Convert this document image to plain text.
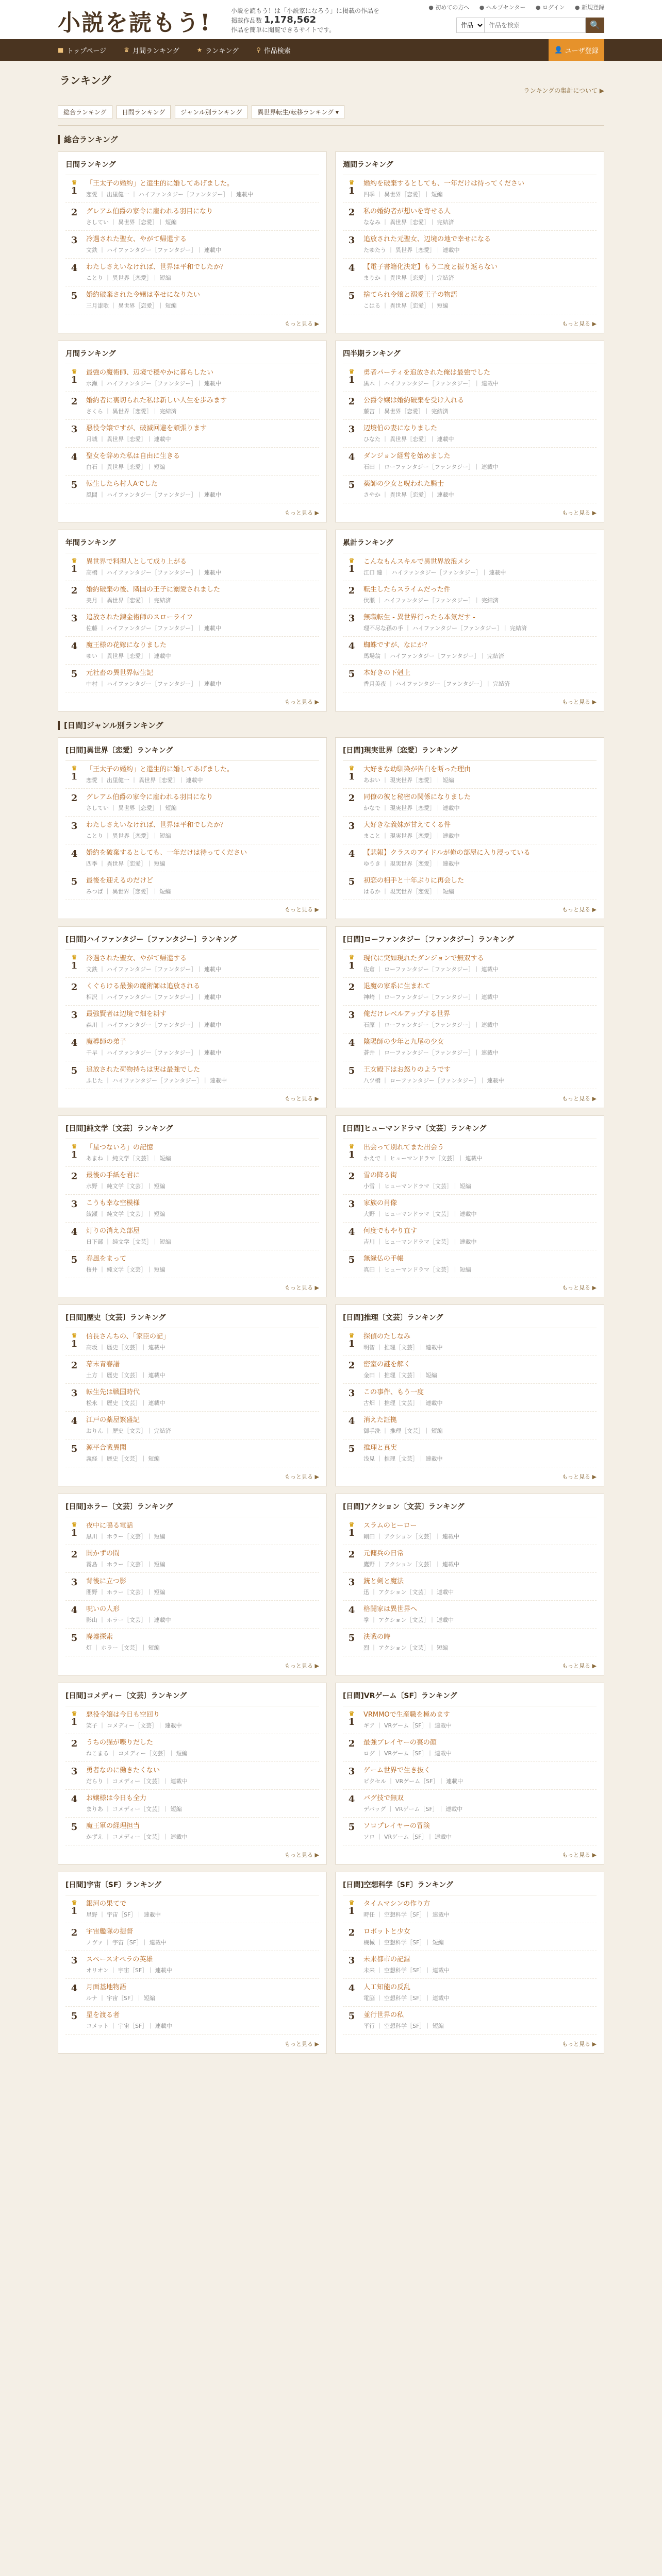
小説を読もう!	小説を読もう！は「小説家になろう」に掲載の作品を
掲載作品数 1,178,562
作品を簡単に閲覧できるサイトです。
● 初めての方へ ● ヘルプセンター ● ログイン ● 新規登録
作品
作品を検索
🔍
■ トップページ	♛ 月間ランキング	★ ランキング	⚲ 作品検索	👤 ユーザ登録
ランキング
ランキングの集計について ▶
総合ランキング	日間ランキング	ジャンル別ランキング	異世界転生/転移ランキング ▾
総合ランキング
日間ランキング
♛
1
「王太子の婚約」と還生的に婚してあげました。
恋愛 ｜ 出里健一 ｜ ハイファンタジー［ファンタジー］｜ 連載中
2	グレアム伯爵の家令に雇われる羽目になり
さしてい ｜ 異世界［恋愛］｜ 短編
3	冷遇された聖女、やがて帰還する
文鉄 ｜ ハイファンタジー［ファンタジー］｜ 連載中
4	わたしさえいなければ、世界は平和でしたか？
ことり ｜ 異世界［恋愛］｜ 短編
5	婚約破棄された令嬢は幸せになりたい
三月漆歌 ｜ 異世界［恋愛］｜ 短編
もっと見る ▶
週間ランキング
♛
1
婚約を破棄するとしても、一年だけは待ってください
四季 ｜ 異世界［恋愛］｜ 短編
2	私の婚約者が想いを寄せる人
ななみ ｜ 異世界［恋愛］｜ 完結済
3	追放された元聖女、辺境の地で幸せになる
たゆたう ｜ 異世界［恋愛］｜ 連載中
4	【電子書籍化決定】もう二度と振り返らない
まりか ｜ 異世界［恋愛］｜ 完結済
5	捨てられ令嬢と溺愛王子の物語
こはる ｜ 異世界［恋愛］｜ 短編
もっと見る ▶
月間ランキング
♛
1
最強の魔術師、辺境で穏やかに暮らしたい
水瀬 ｜ ハイファンタジー［ファンタジー］｜ 連載中
2	婚約者に裏切られた私は新しい人生を歩みます
さくら ｜ 異世界［恋愛］｜ 完結済
3	悪役令嬢ですが、破滅回避を頑張ります
月城 ｜ 異世界［恋愛］｜ 連載中
4	聖女を辞めた私は自由に生きる
白石 ｜ 異世界［恋愛］｜ 短編
5	転生したら村人Aでした
風間 ｜ ハイファンタジー［ファンタジー］｜ 連載中
もっと見る ▶
四半期ランキング
♛
1
勇者パーティを追放された俺は最強でした
黒木 ｜ ハイファンタジー［ファンタジー］｜ 連載中
2	公爵令嬢は婚約破棄を受け入れる
藤宮 ｜ 異世界［恋愛］｜ 完結済
3	辺境伯の妻になりました
ひなた ｜ 異世界［恋愛］｜ 連載中
4	ダンジョン経営を始めました
石田 ｜ ローファンタジー［ファンタジー］｜ 連載中
5	薬師の少女と呪われた騎士
さやか ｜ 異世界［恋愛］｜ 連載中
もっと見る ▶
年間ランキング
♛
1
異世界で料理人として成り上がる
高橋 ｜ ハイファンタジー［ファンタジー］｜ 連載中
2	婚約破棄の後、隣国の王子に溺愛されました
美月 ｜ 異世界［恋愛］｜ 完結済
3	追放された錬金術師のスローライフ
佐藤 ｜ ハイファンタジー［ファンタジー］｜ 連載中
4	魔王様の花嫁になりました
ゆい ｜ 異世界［恋愛］｜ 連載中
5	元社畜の異世界転生記
中村 ｜ ハイファンタジー［ファンタジー］｜ 連載中
もっと見る ▶
累計ランキング
♛
1
こんなもんスキルで異世界放浪メシ
江口 連 ｜ ハイファンタジー［ファンタジー］｜ 連載中
2	転生したらスライムだった件
伏瀬 ｜ ハイファンタジー［ファンタジー］｜ 完結済
3	無職転生 - 異世界行ったら本気だす -
理不尽な孫の手 ｜ ハイファンタジー［ファンタジー］｜ 完結済
4	蜘蛛ですが、なにか？
馬場翁 ｜ ハイファンタジー［ファンタジー］｜ 完結済
5	本好きの下剋上
香月美夜 ｜ ハイファンタジー［ファンタジー］｜ 完結済
もっと見る ▶
[日間]ジャンル別ランキング
[日間]異世界〔恋愛〕ランキング
♛
1
「王太子の婚約」と還生的に婚してあげました。
恋愛 ｜ 出里健一 ｜ 異世界［恋愛］｜ 連載中
2	グレアム伯爵の家令に雇われる羽目になり
さしてい ｜ 異世界［恋愛］｜ 短編
3	わたしさえいなければ、世界は平和でしたか？
ことり ｜ 異世界［恋愛］｜ 短編
4	婚約を破棄するとしても、一年だけは待ってください
四季 ｜ 異世界［恋愛］｜ 短編
5	最後を迎えるのだけど
みつば ｜ 異世界［恋愛］｜ 短編
もっと見る ▶
[日間]現実世界〔恋愛〕ランキング
♛
1
大好きな幼馴染が告白を断った理由
あおい ｜ 現実世界［恋愛］｜ 短編
2	同僚の彼と秘密の関係になりました
かなで ｜ 現実世界［恋愛］｜ 連載中
3	大好きな義妹が甘えてくる件
まこと ｜ 現実世界［恋愛］｜ 連載中
4	【悲報】クラスのアイドルが俺の部屋に入り浸っている
ゆうき ｜ 現実世界［恋愛］｜ 連載中
5	初恋の相手と十年ぶりに再会した
はるか ｜ 現実世界［恋愛］｜ 短編
もっと見る ▶
[日間]ハイファンタジー〔ファンタジー〕ランキング
♛
1
冷遇された聖女、やがて帰還する
文鉄 ｜ ハイファンタジー［ファンタジー］｜ 連載中
2	くぐらける最強の魔術師は追放される
相沢 ｜ ハイファンタジー［ファンタジー］｜ 連載中
3	最強賢者は辺境で畑を耕す
森川 ｜ ハイファンタジー［ファンタジー］｜ 連載中
4	魔導師の弟子
千早 ｜ ハイファンタジー［ファンタジー］｜ 連載中
5	追放された荷物持ちは実は最強でした
ふじた ｜ ハイファンタジー［ファンタジー］｜ 連載中
もっと見る ▶
[日間]ローファンタジー〔ファンタジー〕ランキング
♛
1
現代に突如現れたダンジョンで無双する
佐倉 ｜ ローファンタジー［ファンタジー］｜ 連載中
2	退魔の家系に生まれて
神崎 ｜ ローファンタジー［ファンタジー］｜ 連載中
3	俺だけレベルアップする世界
石原 ｜ ローファンタジー［ファンタジー］｜ 連載中
4	陰陽師の少年と九尾の少女
蒼井 ｜ ローファンタジー［ファンタジー］｜ 連載中
5	王女殿下はお怒りのようです
八ツ橋 ｜ ローファンタジー［ファンタジー］｜ 連載中
もっと見る ▶
[日間]純文学〔文芸〕ランキング
♛
1
「星つないろ」の記憶
あまね ｜ 純文学［文芸］｜ 短編
2	最後の手紙を君に
水野 ｜ 純文学［文芸］｜ 短編
3	こうも幸な空模様
綾瀬 ｜ 純文学［文芸］｜ 短編
4	灯りの消えた部屋
日下部 ｜ 純文学［文芸］｜ 短編
5	春風をまって
桜井 ｜ 純文学［文芸］｜ 短編
もっと見る ▶
[日間]ヒューマンドラマ〔文芸〕ランキング
♛
1
出会って別れてまた出会う
かえで ｜ ヒューマンドラマ［文芸］｜ 連載中
2	雪の降る街
小雪 ｜ ヒューマンドラマ［文芸］｜ 短編
3	家族の肖像
大野 ｜ ヒューマンドラマ［文芸］｜ 連載中
4	何度でもやり直す
吉川 ｜ ヒューマンドラマ［文芸］｜ 連載中
5	無縁仏の手帳
真田 ｜ ヒューマンドラマ［文芸］｜ 短編
もっと見る ▶
[日間]歴史〔文芸〕ランキング
♛
1
信長さんちの、「家臣の記」
高坂 ｜ 歴史［文芸］｜ 連載中
2	幕末青春譜
土方 ｜ 歴史［文芸］｜ 連載中
3	転生先は戦国時代
松永 ｜ 歴史［文芸］｜ 連載中
4	江戸の薬屋繁盛記
おりん ｜ 歴史［文芸］｜ 完結済
5	源平合戦異聞
義経 ｜ 歴史［文芸］｜ 短編
もっと見る ▶
[日間]推理〔文芸〕ランキング
♛
1
探偵のたしなみ
明智 ｜ 推理［文芸］｜ 連載中
2	密室の謎を解く
金田 ｜ 推理［文芸］｜ 短編
3	この事件、もう一度
古畑 ｜ 推理［文芸］｜ 連載中
4	消えた証拠
御手洗 ｜ 推理［文芸］｜ 短編
5	推理と真実
浅見 ｜ 推理［文芸］｜ 連載中
もっと見る ▶
[日間]ホラー〔文芸〕ランキング
♛
1
夜中に鳴る電話
黒川 ｜ ホラー［文芸］｜ 短編
2	開かずの間
霧島 ｜ ホラー［文芸］｜ 短編
3	背後に立つ影
闇野 ｜ ホラー［文芸］｜ 短編
4	呪いの人形
影山 ｜ ホラー［文芸］｜ 連載中
5	廃墟探索
灯 ｜ ホラー［文芸］｜ 短編
もっと見る ▶
[日間]アクション〔文芸〕ランキング
♛
1
スラムのヒーロー
剛田 ｜ アクション［文芸］｜ 連載中
2	元傭兵の日常
鷹野 ｜ アクション［文芸］｜ 連載中
3	銃と剣と魔法
迅 ｜ アクション［文芸］｜ 連載中
4	格闘家は異世界へ
拳 ｜ アクション［文芸］｜ 連載中
5	決戦の時
烈 ｜ アクション［文芸］｜ 短編
もっと見る ▶
[日間]コメディー〔文芸〕ランキング
♛
1
悪役令嬢は今日も空回り
笑子 ｜ コメディー［文芸］｜ 連載中
2	うちの猫が喋りだした
ねこまる ｜ コメディー［文芸］｜ 短編
3	勇者なのに働きたくない
だらり ｜ コメディー［文芸］｜ 連載中
4	お嬢様は今日も全力
まりあ ｜ コメディー［文芸］｜ 短編
5	魔王軍の経理担当
かずえ ｜ コメディー［文芸］｜ 連載中
もっと見る ▶
[日間]VRゲーム〔SF〕ランキング
♛
1
VRMMOで生産職を極めます
ギア ｜ VRゲーム［SF］｜ 連載中
2	最強プレイヤーの裏の顔
ログ ｜ VRゲーム［SF］｜ 連載中
3	ゲーム世界で生き抜く
ピクセル ｜ VRゲーム［SF］｜ 連載中
4	バグ技で無双
デバッグ ｜ VRゲーム［SF］｜ 連載中
5	ソロプレイヤーの冒険
ソロ ｜ VRゲーム［SF］｜ 連載中
もっと見る ▶
[日間]宇宙〔SF〕ランキング
♛
1
銀河の果てで
星野 ｜ 宇宙［SF］｜ 連載中
2	宇宙艦隊の提督
ノヴァ ｜ 宇宙［SF］｜ 連載中
3	スペースオペラの英雄
オリオン ｜ 宇宙［SF］｜ 連載中
4	月面基地物語
ルナ ｜ 宇宙［SF］｜ 短編
5	星を渡る者
コメット ｜ 宇宙［SF］｜ 連載中
もっと見る ▶
[日間]空想科学〔SF〕ランキング
♛
1
タイムマシンの作り方
時任 ｜ 空想科学［SF］｜ 連載中
2	ロボットと少女
機械 ｜ 空想科学［SF］｜ 短編
3	未来都市の記録
未来 ｜ 空想科学［SF］｜ 連載中
4	人工知能の反乱
電脳 ｜ 空想科学［SF］｜ 連載中
5	並行世界の私
平行 ｜ 空想科学［SF］｜ 短編
もっと見る ▶
